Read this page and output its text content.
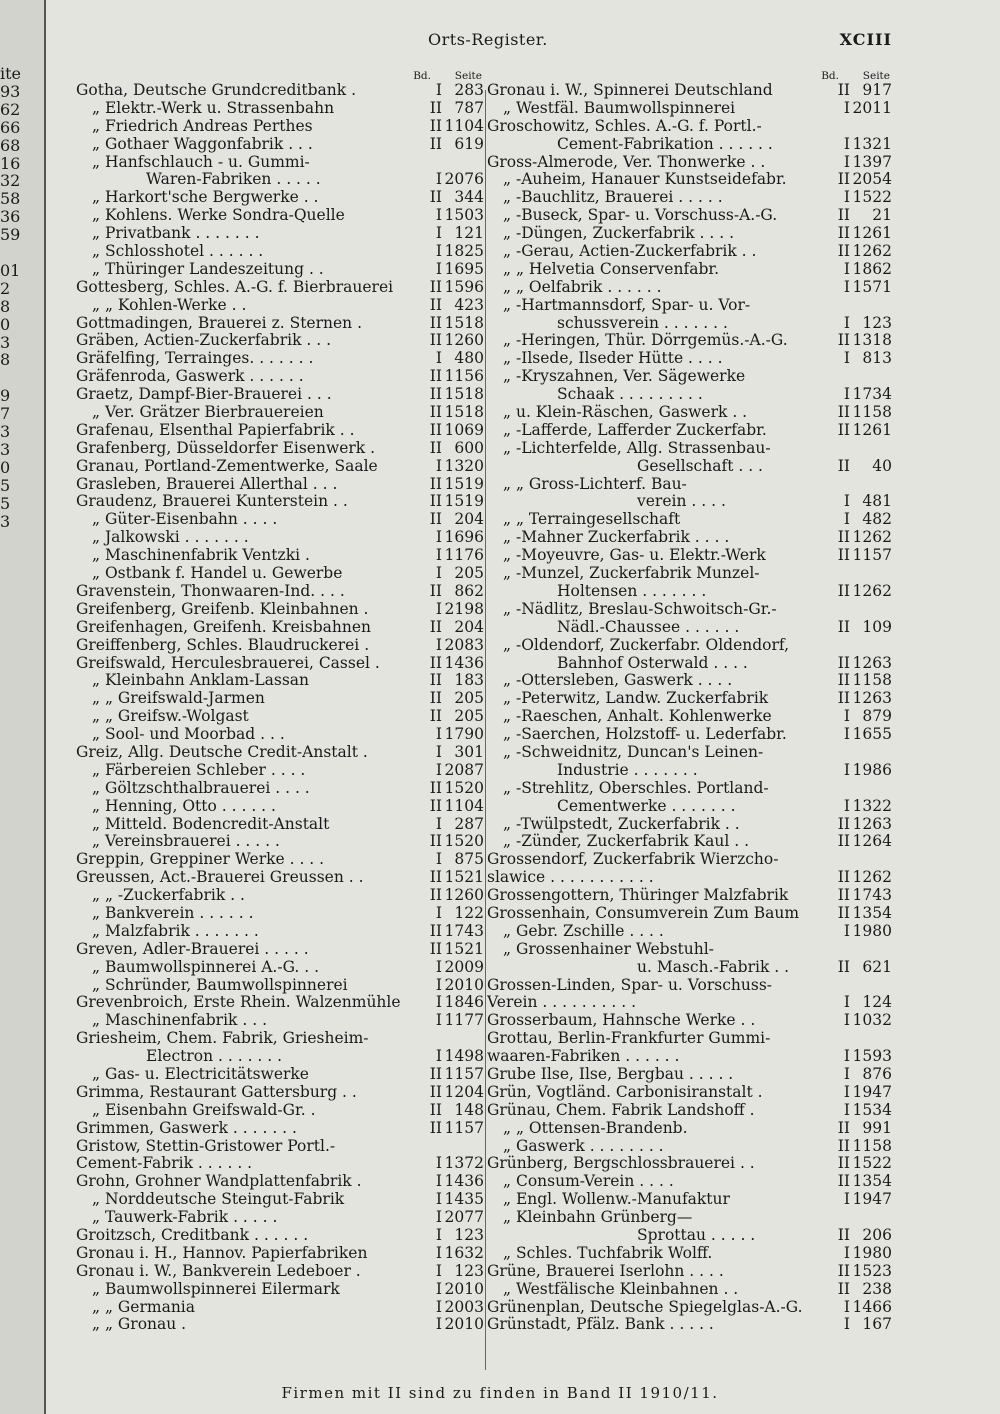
ite
93
62
66
68
16
32
58
36
59
01
2
8
0
3
8
9
7
3
3
0
5
5
3
Orts-Register.	XCIII
Bd. Seite
Gotha, Deutsche Grundcreditbank .	I 283
„ Elektr.-Werk u. Strassenbahn	II 787
„ Friedrich Andreas Perthes	II 1104
„ Gothaer Waggonfabrik . . .	II 619
„ Hanfschlauch - u. Gummi-
Waren-Fabriken . . . . .	I 2076
„ Harkort'sche Bergwerke . .	II 344
„ Kohlens. Werke Sondra-Quelle	I 1503
„ Privatbank . . . . . . .	I 121
„ Schlosshotel . . . . . .	I 1825
„ Thüringer Landeszeitung . .	I 1695
Gottesberg, Schles. A.-G. f. Bierbrauerei	II 1596
„ „ Kohlen-Werke . .	II 423
Gottmadingen, Brauerei z. Sternen .	II 1518
Gräben, Actien-Zuckerfabrik . . .	II 1260
Gräfelfing, Terrainges. . . . . . .	I 480
Gräfenroda, Gaswerk . . . . . .	II 1156
Graetz, Dampf-Bier-Brauerei . . .	II 1518
„ Ver. Grätzer Bierbrauereien	II 1518
Grafenau, Elsenthal Papierfabrik . .	II 1069
Grafenberg, Düsseldorfer Eisenwerk .	II 600
Granau, Portland-Zementwerke, Saale	I 1320
Grasleben, Brauerei Allerthal . . .	II 1519
Graudenz, Brauerei Kunterstein . .	II 1519
„ Güter-Eisenbahn . . . .	II 204
„ Jalkowski . . . . . . .	I 1696
„ Maschinenfabrik Ventzki .	I 1176
„ Ostbank f. Handel u. Gewerbe	I 205
Gravenstein, Thonwaaren-Ind. . . .	II 862
Greifenberg, Greifenb. Kleinbahnen .	I 2198
Greifenhagen, Greifenh. Kreisbahnen	II 204
Greiffenberg, Schles. Blaudruckerei .	I 2083
Greifswald, Herculesbrauerei, Cassel .	II 1436
„ Kleinbahn Anklam-Lassan	II 183
„ „ Greifswald-Jarmen	II 205
„ „ Greifsw.-Wolgast	II 205
„ Sool- und Moorbad . . .	I 1790
Greiz, Allg. Deutsche Credit-Anstalt .	I 301
„ Färbereien Schleber . . . .	I 2087
„ Göltzschthalbrauerei . . . .	II 1520
„ Henning, Otto . . . . . .	II 1104
„ Mitteld. Bodencredit-Anstalt	I 287
„ Vereinsbrauerei . . . . .	II 1520
Greppin, Greppiner Werke . . . .	I 875
Greussen, Act.-Brauerei Greussen . .	II 1521
„ „ -Zuckerfabrik . .	II 1260
„ Bankverein . . . . . .	I 122
„ Malzfabrik . . . . . . .	II 1743
Greven, Adler-Brauerei . . . . .	II 1521
„ Baumwollspinnerei A.-G. . .	I 2009
„ Schründer, Baumwollspinnerei	I 2010
Grevenbroich, Erste Rhein. Walzenmühle	I 1846
„ Maschinenfabrik . . .	I 1177
Griesheim, Chem. Fabrik, Griesheim-
Electron . . . . . . .	I 1498
„ Gas- u. Electricitätswerke	II 1157
Grimma, Restaurant Gattersburg . .	II 1204
„ Eisenbahn Greifswald-Gr. .	II 148
Grimmen, Gaswerk . . . . . . .	II 1157
Gristow, Stettin-Gristower Portl.-
Cement-Fabrik . . . . . .	I 1372
Grohn, Grohner Wandplattenfabrik .	I 1436
„ Norddeutsche Steingut-Fabrik	I 1435
„ Tauwerk-Fabrik . . . . .	I 2077
Groitzsch, Creditbank . . . . . .	I 123
Gronau i. H., Hannov. Papierfabriken	I 1632
Gronau i. W., Bankverein Ledeboer .	I 123
„ Baumwollspinnerei Eilermark	I 2010
„ „ Germania	I 2003
„ „ Gronau .	I 2010
Bd. Seite
Gronau i. W., Spinnerei Deutschland	II 917
„ Westfäl. Baumwollspinnerei	I 2011
Groschowitz, Schles. A.-G. f. Portl.-
Cement-Fabrikation . . . . . .	I 1321
Gross-Almerode, Ver. Thonwerke . .	I 1397
„ -Auheim, Hanauer Kunstseidefabr.	II 2054
„ -Bauchlitz, Brauerei . . . . .	I 1522
„ -Buseck, Spar- u. Vorschuss-A.-G.	II	21
„ -Düngen, Zuckerfabrik . . . .	II 1261
„ -Gerau, Actien-Zuckerfabrik . .	II 1262
„ „ Helvetia Conservenfabr.	I 1862
„ „ Oelfabrik . . . . . .	I 1571
„ -Hartmannsdorf, Spar- u. Vor-
schussverein . . . . . . .	I 123
„ -Heringen, Thür. Dörrgemüs.-A.-G.	II 1318
„ -Ilsede, Ilseder Hütte . . . .	I 813
„ -Kryszahnen, Ver. Sägewerke
Schaak . . . . . . . . .	I 1734
„ u. Klein-Räschen, Gaswerk . .	II 1158
„ -Lafferde, Lafferder Zuckerfabr.	II 1261
„ -Lichterfelde, Allg. Strassenbau-
Gesellschaft . . .	II	40
„ „ Gross-Lichterf. Bau-
verein . . . .	I 481
„ „ Terraingesellschaft	I 482
„ -Mahner Zuckerfabrik . . . .	II 1262
„ -Moyeuvre, Gas- u. Elektr.-Werk	II 1157
„ -Munzel, Zuckerfabrik Munzel-
Holtensen . . . . . . .	II 1262
„ -Nädlitz, Breslau-Schwoitsch-Gr.-
Nädl.-Chaussee . . . . . .	II 109
„ -Oldendorf, Zuckerfabr. Oldendorf,
Bahnhof Osterwald . . . .	II 1263
„ -Ottersleben, Gaswerk . . . .	II 1158
„ -Peterwitz, Landw. Zuckerfabrik	II 1263
„ -Raeschen, Anhalt. Kohlenwerke	I 879
„ -Saerchen, Holzstoff- u. Lederfabr.	I 1655
„ -Schweidnitz, Duncan's Leinen-
Industrie . . . . . . .	I 1986
„ -Strehlitz, Oberschles. Portland-
Cementwerke . . . . . . .	I 1322
„ -Twülpstedt, Zuckerfabrik . .	II 1263
„ -Zünder, Zuckerfabrik Kaul . .	II 1264
Grossendorf, Zuckerfabrik Wierzcho-
slawice . . . . . . . . . . .	II 1262
Grossengottern, Thüringer Malzfabrik	II 1743
Grossenhain, Consumverein Zum Baum	II 1354
„ Gebr. Zschille . . . .	I 1980
„ Grossenhainer Webstuhl-
u. Masch.-Fabrik . .	II 621
Grossen-Linden, Spar- u. Vorschuss-
Verein . . . . . . . . . .	I 124
Grosserbaum, Hahnsche Werke . .	I 1032
Grottau, Berlin-Frankfurter Gummi-
waaren-Fabriken . . . . . .	I 1593
Grube Ilse, Ilse, Bergbau . . . . .	I 876
Grün, Vogtländ. Carbonisiranstalt .	I 1947
Grünau, Chem. Fabrik Landshoff .	I 1534
„ „ Ottensen-Brandenb.	II 991
„ Gaswerk . . . . . . . .	II 1158
Grünberg, Bergschlossbrauerei . .	II 1522
„ Consum-Verein . . . .	II 1354
„ Engl. Wollenw.-Manufaktur	I 1947
„ Kleinbahn Grünberg—
Sprottau . . . . .	II 206
„ Schles. Tuchfabrik Wolff.	I 1980
Grüne, Brauerei Iserlohn . . . .	II 1523
„ Westfälische Kleinbahnen . .	II 238
Grünenplan, Deutsche Spiegelglas-A.-G.	I 1466
Grünstadt, Pfälz. Bank . . . . .	I 167
Firmen mit II sind zu finden in Band II 1910/11.
